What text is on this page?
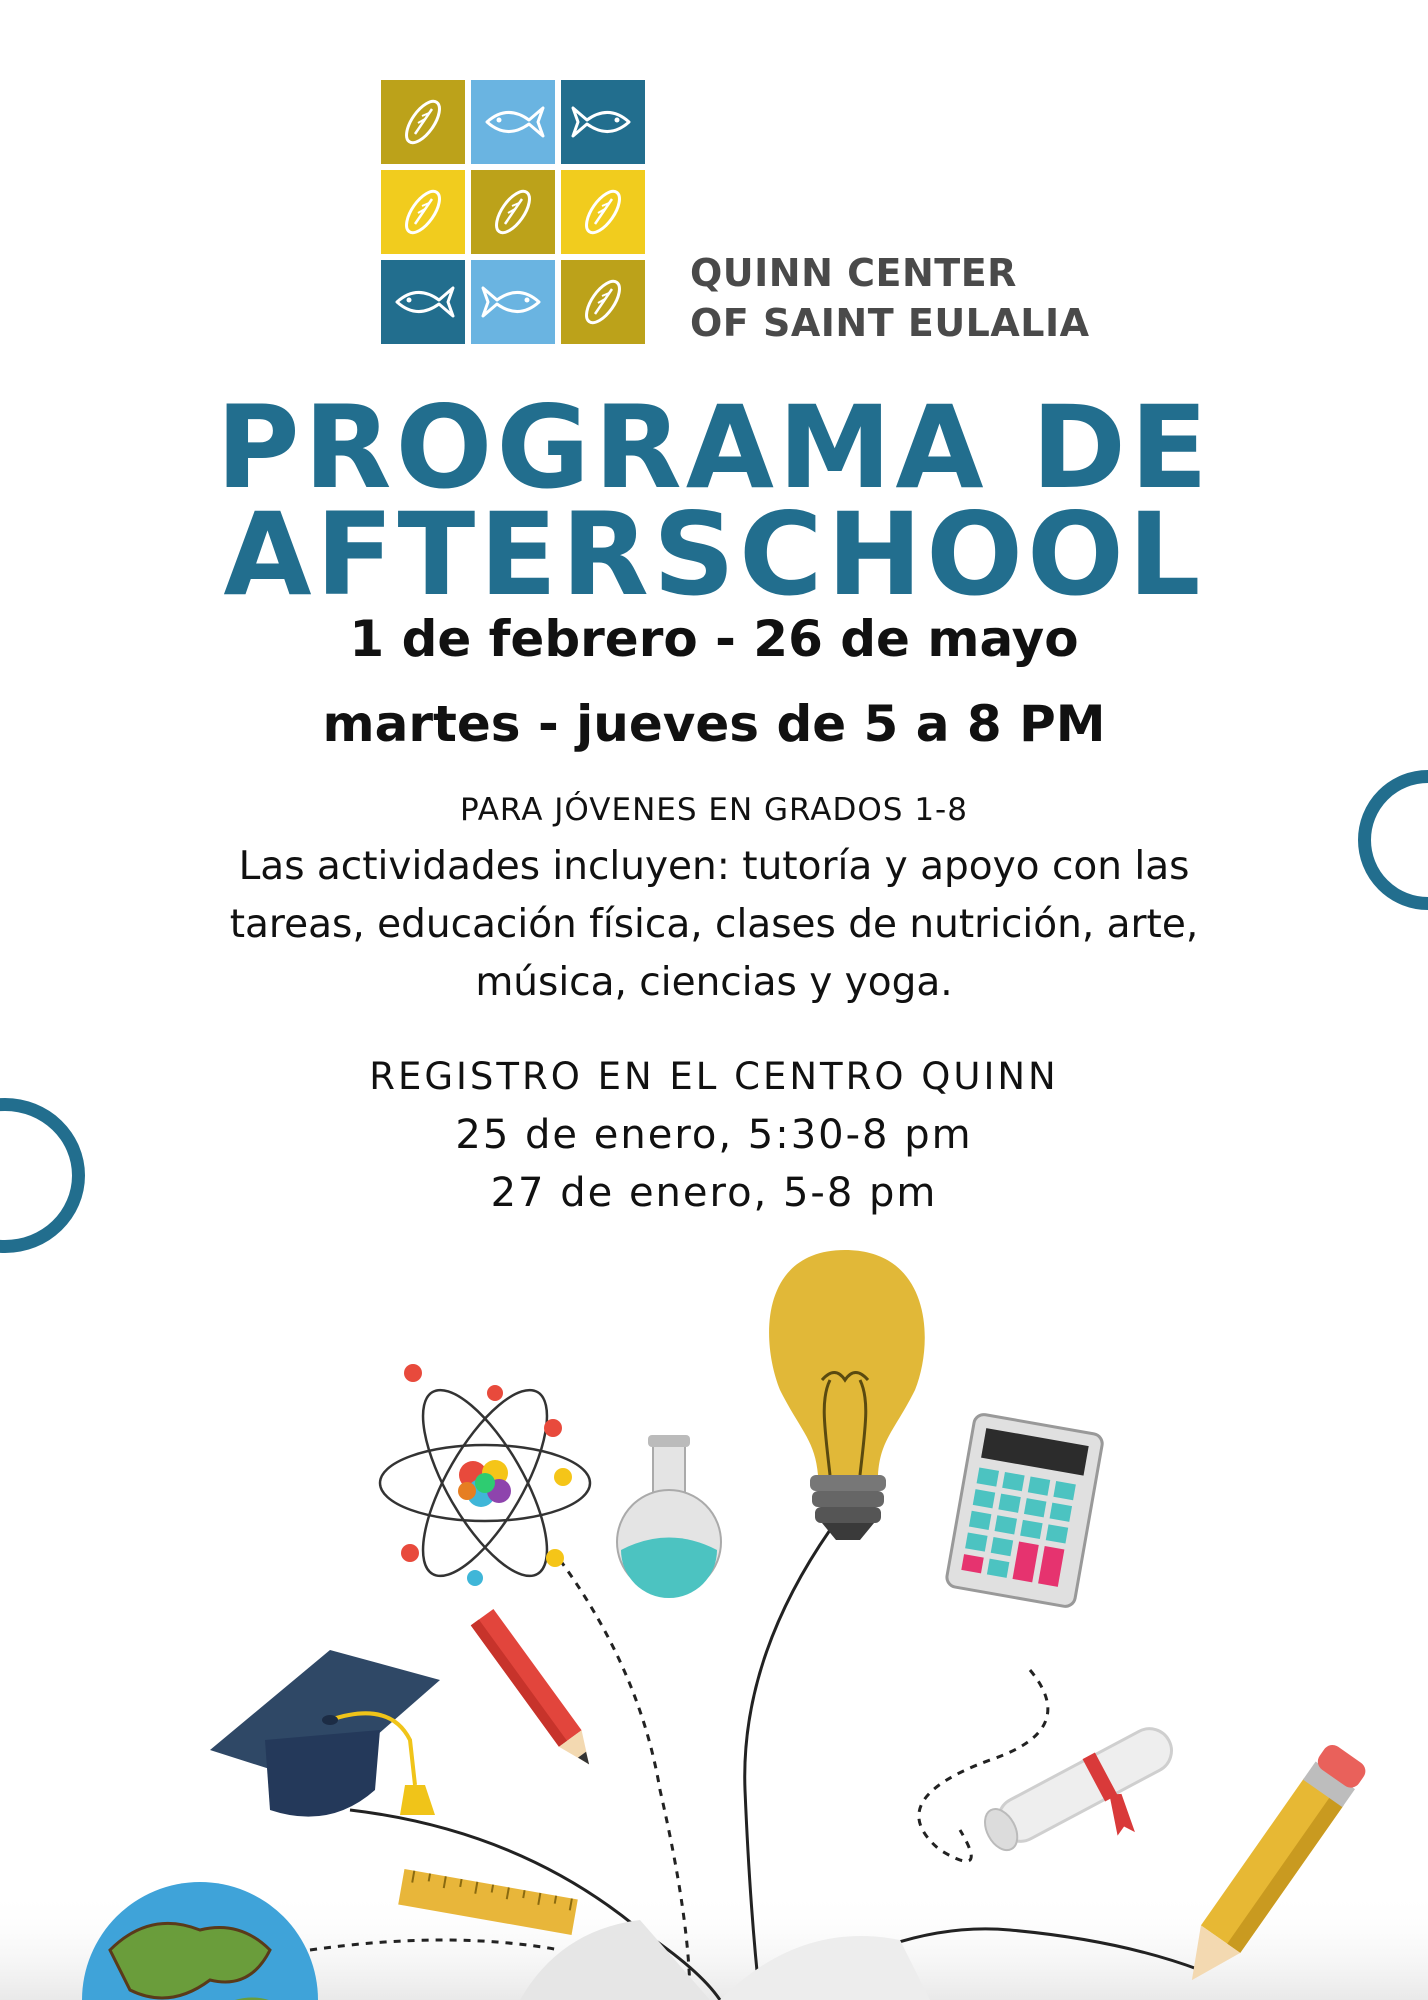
QUINN CENTER
OF SAINT EULALIA
PROGRAMA DE
AFTERSCHOOL
1 de febrero - 26 de mayo
martes - jueves de 5 a 8 PM
PARA JÓVENES EN GRADOS 1-8
Las actividades incluyen: tutoría y apoyo con las tareas, educación física, clases de nutrición, arte, música, ciencias y yoga.
REGISTRO EN EL CENTRO QUINN
25 de enero, 5:30-8 pm
27 de enero, 5-8 pm
